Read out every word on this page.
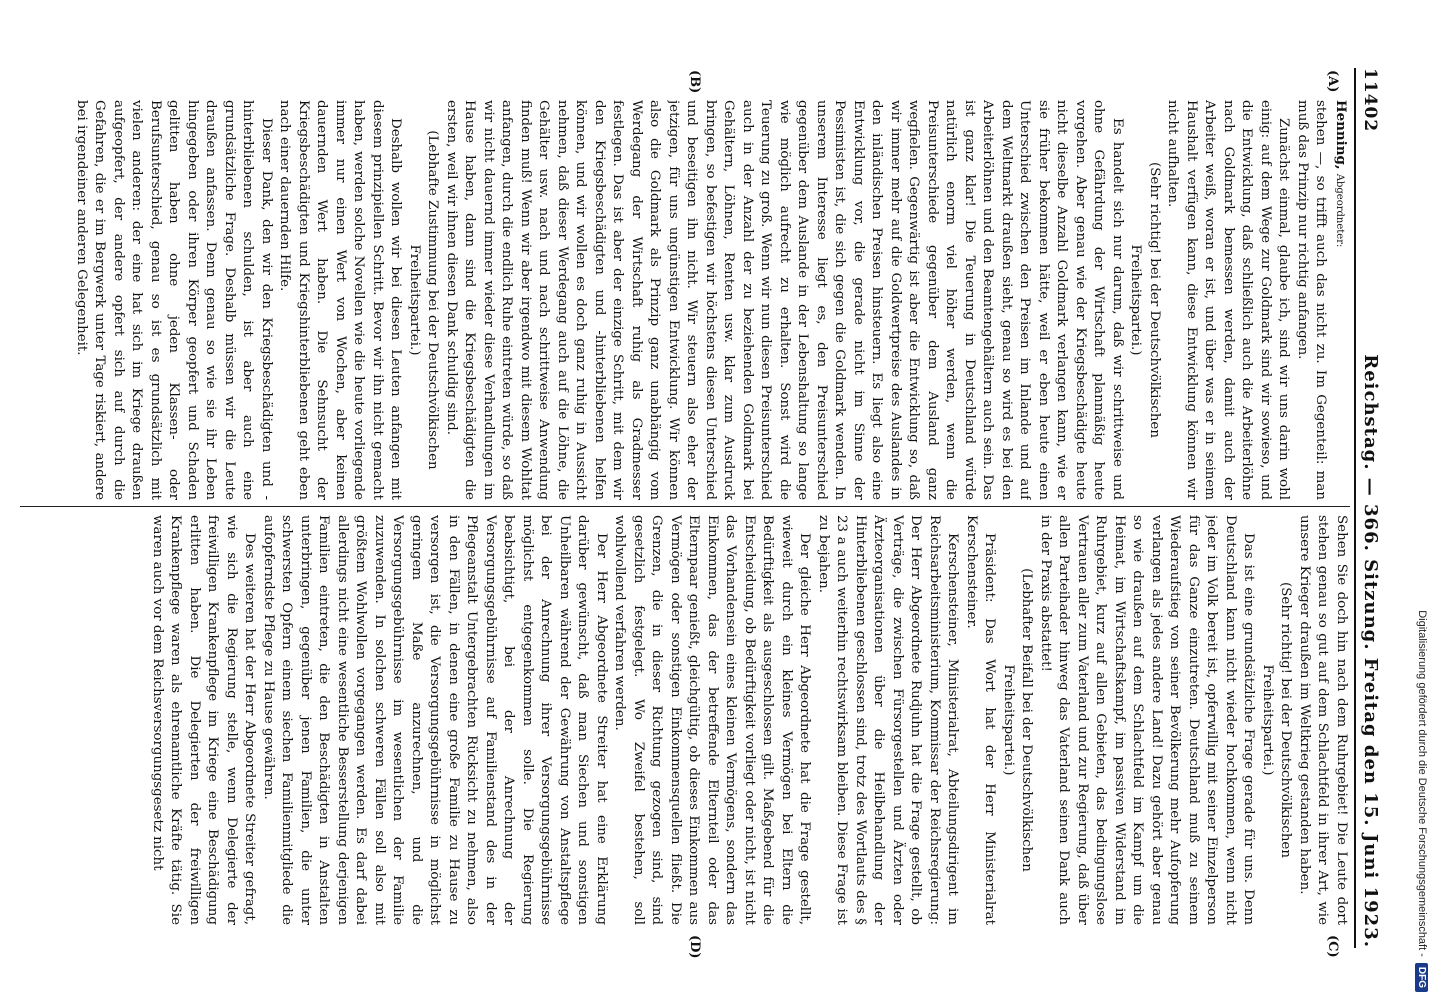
11402
Reichstag. — 366. Sitzung. Freitag den 15. Juni 1923.
(A)
(B)
(C)
(D)

Henning, Abgeordneter:

stehen —, so trifft auch das nicht zu. Im Gegenteil: man muß das Prinzip nur richtig anfangen.

Zunächst einmal, glaube ich, sind wir uns darin wohl einig: auf dem Wege zur Goldmark sind wir sowieso, und die Entwicklung, daß schließlich auch die Arbeiterlöhne nach Goldmark bemessen werden, damit auch der Arbeiter weiß, woran er ist, und über was er in seinem Haushalt verfügen kann, diese Entwicklung können wir nicht aufhalten.

(Sehr richtig! bei der Deutschvölkischen Freiheitspartei.)

Es handelt sich nur darum, daß wir schrittweise und ohne Gefährdung der Wirtschaft planmäßig heute vorgehen. Aber genau wie der Kriegsbeschädigte heute nicht dieselbe Anzahl Goldmark verlangen kann, wie er sie früher bekommen hätte, weil er eben heute einen Unterschied zwischen den Preisen im Inlande und auf dem Weltmarkt draußen sieht, genau so wird es bei den Arbeiterlöhnen und den Beamtengehältern auch sein. Das ist ganz klar! Die Teuerung in Deutschland würde natürlich enorm viel höher werden, wenn die Preisunterschiede gegenüber dem Ausland ganz wegfielen. Gegenwärtig ist aber die Entwicklung so, daß wir immer mehr auf die Goldwertpreise des Auslandes in den inländischen Preisen hinsteuern. Es liegt also eine Entwicklung vor, die gerade nicht im Sinne der Pessimisten ist, die sich gegen die Goldmark wenden. In unserem Interesse liegt es, den Preisunterschied gegenüber dem Auslande in der Lebenshaltung so lange wie möglich aufrecht zu erhalten. Sonst wird die Teuerung zu groß. Wenn wir nun diesen Preisunterschied auch in der Anzahl der zu beziehenden Goldmark bei Gehältern, Löhnen, Renten usw. klar zum Ausdruck bringen, so befestigen wir höchstens diesen Unterschied und beseitigen ihn nicht. Wir steuern also eher der jetzigen, für uns ungünstigen Entwicklung. Wir können also die Goldmark als Prinzip ganz unabhängig vom Werdegang der Wirtschaft ruhig als Gradmesser festlegen. Das ist aber der einzige Schritt, mit dem wir den Kriegsbeschädigten und -hinterbliebenen helfen können, und wir wollen es doch ganz ruhig in Aussicht nehmen, daß dieser Werdegang auch auf die Löhne, die Gehälter usw. nach und nach schrittweise Anwendung finden muß! Wenn wir aber irgendwo mit diesem Wohltat anfangen, durch die endlich Ruhe eintreten würde, so daß wir nicht dauernd immer wieder diese Verhandlungen im Hause haben, dann sind die Kriegsbeschädigten die ersten, weil wir ihnen diesen Dank schuldig sind.

(Lebhafte Zustimmung bei der Deutschvölkischen Freiheitspartei.)

Deshalb wollen wir bei diesen Leuten anfangen mit diesem prinzipiellen Schritt. Bevor wir ihn nicht gemacht haben, werden solche Novellen wie die heute vorliegende immer nur einen Wert von Wochen, aber keinen dauernden Wert haben. Die Sehnsucht der Kriegsbeschädigten und Kriegshinterbliebenen geht eben nach einer dauernden Hilfe.

Dieser Dank, den wir den Kriegsbeschädigten und -hinterbliebenen schulden, ist aber auch eine grundsätzliche Frage. Deshalb müssen wir die Leute draußen anfassen. Denn genau so wie sie ihr Leben hingegeben oder ihren Körper geopfert und Schaden gelitten haben ohne jeden Klassen- oder Berufsunterschied, genau so ist es grundsätzlich mit vielen anderen: der eine hat sich im Kriege draußen aufgeopfert, der andere opfert sich auf durch die Gefahren, die er im Bergwerk unter Tage riskiert, andere bei irgendeiner anderen Gelegenheit.

Sehen Sie doch hin nach dem Ruhrgebiet! Die Leute dort stehen genau so gut auf dem Schlachtfeld in ihrer Art, wie unsere Krieger draußen im Weltkrieg gestanden haben.

(Sehr richtig! bei der Deutschvölkischen Freiheitspartei.)

Das ist eine grundsätzliche Frage gerade für uns. Denn Deutschland kann nicht wieder hochkommen, wenn nicht jeder im Volk bereit ist, opferwillig mit seiner Einzelperson für das Ganze einzutreten. Deutschland muß zu seinem Wiederaufstieg von seiner Bevölkerung mehr Aufopferung verlangen als jedes andere Land! Dazu gehört aber genau so wie draußen auf dem Schlachtfeld im Kampf um die Heimat, im Wirtschaftskampf, im passiven Widerstand im Ruhrgebiet, kurz auf allen Gebieten, das bedingungslose Vertrauen aller zum Vaterland und zur Regierung, daß über allen Parteihader hinweg das Vaterland seinen Dank auch in der Praxis abstattet!

(Lebhafter Beifall bei der Deutschvölkischen Freiheitspartei.)

Präsident: Das Wort hat der Herr Ministerialrat Kerschensteiner.

Kerschensteiner, Ministerialrat, Abteilungsdirigent im Reichsarbeitsministerium, Kommissar der Reichsregierung: Der Herr Abgeordnete Rudjuhn hat die Frage gestellt, ob Verträge, die zwischen Fürsorgestellen und Ärzten oder Ärzteorganisationen über die Heilbehandlung der Hinterbliebenen geschlossen sind, trotz des Wortlauts des § 23 a auch weiterhin rechtswirksam bleiben. Diese Frage ist zu bejahen.

Der gleiche Herr Abgeordnete hat die Frage gestellt, wieweit durch ein kleines Vermögen bei Eltern die Bedürftigkeit als ausgeschlossen gilt. Maßgebend für die Entscheidung, ob Bedürftigkeit vorliegt oder nicht, ist nicht das Vorhandensein eines kleinen Vermögens, sondern das Einkommen, das der betreffende Elternteil oder das Elternpaar genießt, gleichgültig, ob dieses Einkommen aus Vermögen oder sonstigen Einkommensquellen fließt. Die Grenzen, die in dieser Richtung gezogen sind, sind gesetzlich festgelegt. Wo Zweifel bestehen, soll wohlwollend verfahren werden.

Der Herr Abgeordnete Streiter hat eine Erklärung darüber gewünscht, daß man Siechen und sonstigen Unheilbaren während der Gewährung von Anstaltspflege bei der Anrechnung ihrer Versorgungsgebührnisse möglichst entgegenkommen solle. Die Regierung beabsichtigt, bei der Anrechnung der Versorgungsgebührnisse auf Familienstand des in der Pflegeanstalt Untergebrachten Rücksicht zu nehmen, also in den Fällen, in denen eine große Familie zu Hause zu versorgen ist, die Versorgungsgebührnisse in möglichst geringem Maße anzurechnen, und die Versorgungsgebührnisse im wesentlichen der Familie zuzuwenden. In solchen schweren Fällen soll also mit größtem Wohlwollen vorgegangen werden. Es darf dabei allerdings nicht eine wesentliche Besserstellung derjenigen Familien eintreten, die den Beschädigten in Anstalten unterbringen, gegenüber jenen Familien, die unter schwersten Opfern einem siechen Familienmitgliede die aufopferndste Pflege zu Hause gewähren.

Des weiteren hat der Herr Abgeordnete Streiter gefragt, wie sich die Regierung stelle, wenn Delegierte der freiwilligen Krankenpflege im Kriege eine Beschädigung erlitten haben. Die Delegierten der freiwilligen Krankenpflege waren als ehrenamtliche Kräfte tätig. Sie waren auch vor dem Reichsversorgungsgesetz nicht	Digitalisierung gefördert durch die Deutsche Forschungsgemeinschaft -
DFG
